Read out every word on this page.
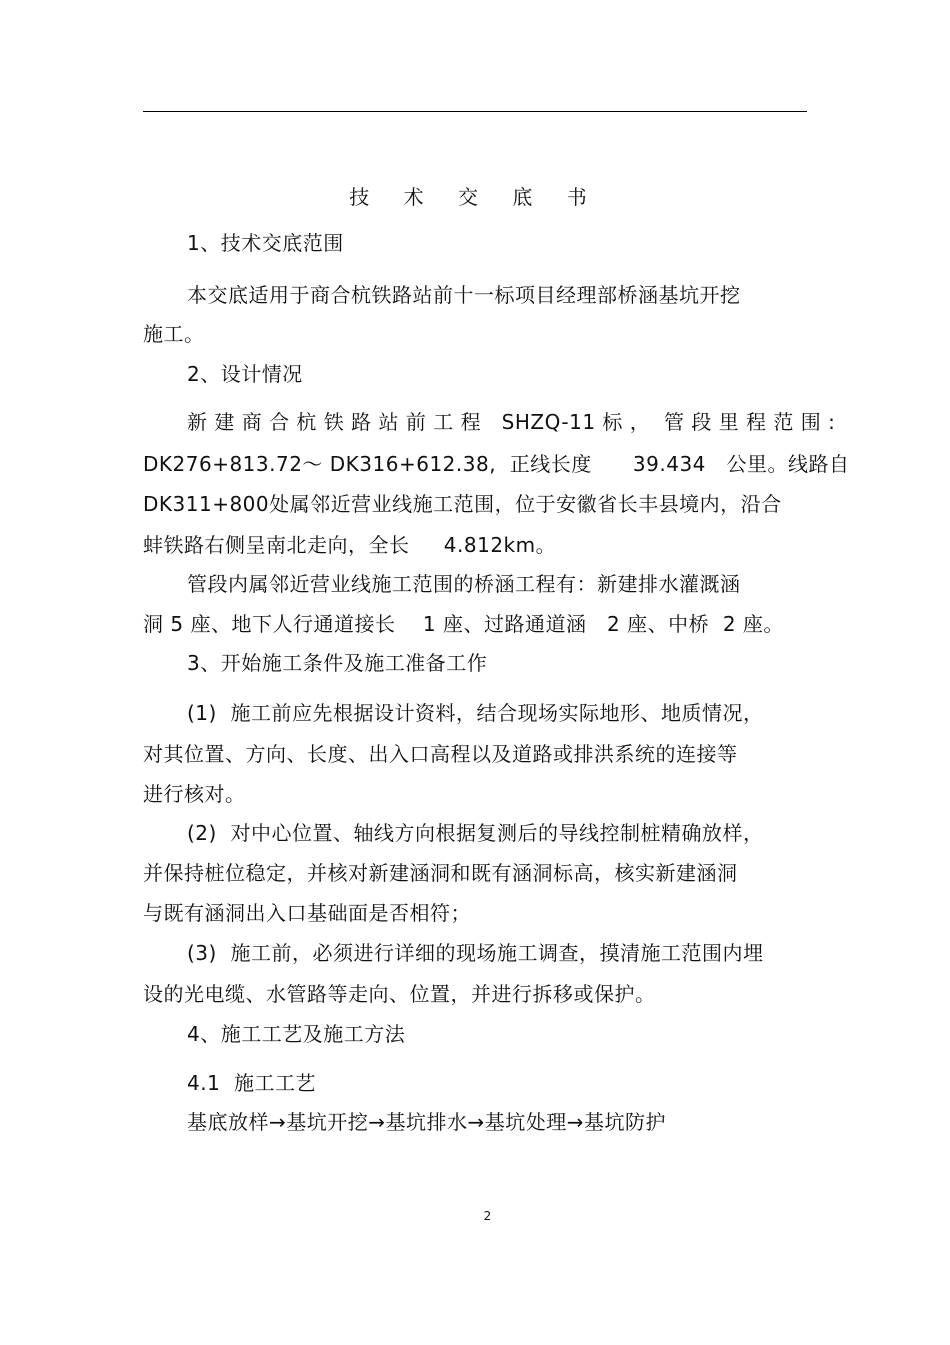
技 术 交 底 书
1、技术交底范围
本交底适用于商合杭铁路站前十一标项目经理部桥涵基坑开挖
施工。
2、设计情况
新 建 商 合 杭 铁 路 站 前 工 程   SHZQ-11 标 ，  管 段 里 程 范 围 :
DK276+813.72～ DK316+612.38,  正线长度      39.434   公里。线路自
DK311+800处属邻近营业线施工范围，位于安徽省长丰县境内，沿合
蚌铁路右侧呈南北走向，全长     4.812km。
管段内属邻近营业线施工范围的桥涵工程有：新建排水灌溉涵
洞 5 座、地下人行通道接长    1 座、过路通道涵   2 座、中桥  2 座。
3、开始施工条件及施工准备工作
(1)  施工前应先根据设计资料，结合现场实际地形、地质情况，
对其位置、方向、长度、出入口高程以及道路或排洪系统的连接等
进行核对。
(2)  对中心位置、轴线方向根据复测后的导线控制桩精确放样，
并保持桩位稳定，并核对新建涵洞和既有涵洞标高，核实新建涵洞
与既有涵洞出入口基础面是否相符；
(3)  施工前，必须进行详细的现场施工调查，摸清施工范围内埋
设的光电缆、水管路等走向、位置，并进行拆移或保护。
4、施工工艺及施工方法
4.1  施工工艺
基底放样→基坑开挖→基坑排水→基坑处理→基坑防护
2
